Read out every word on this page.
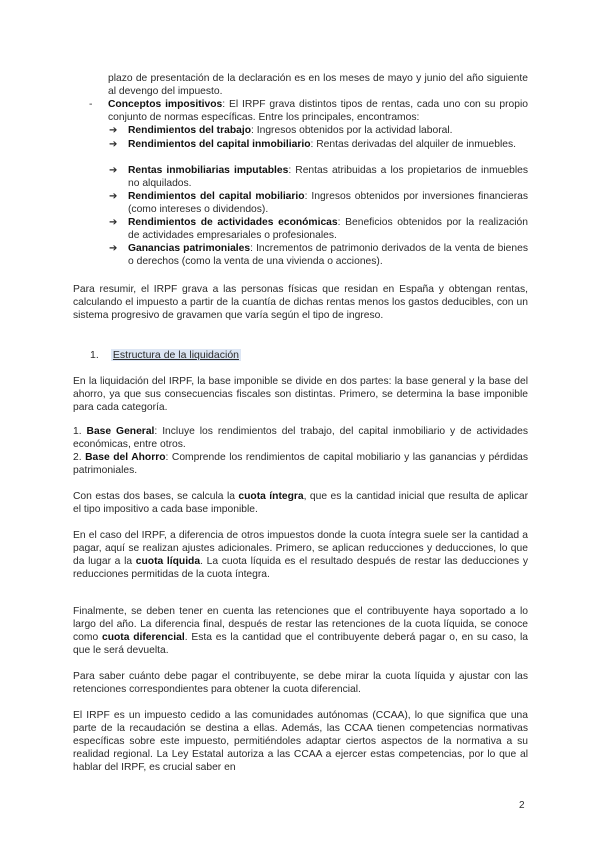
plazo de presentación de la declaración es en los meses de mayo y junio del año siguiente al devengo del impuesto.
- Conceptos impositivos: El IRPF grava distintos tipos de rentas, cada uno con su propio conjunto de normas específicas. Entre los principales, encontramos:
➔ Rendimientos del trabajo: Ingresos obtenidos por la actividad laboral.
➔ Rendimientos del capital inmobiliario: Rentas derivadas del alquiler de inmuebles.
➔ Rentas inmobiliarias imputables: Rentas atribuidas a los propietarios de inmuebles no alquilados.
➔ Rendimientos del capital mobiliario: Ingresos obtenidos por inversiones financieras (como intereses o dividendos).
➔ Rendimientos de actividades económicas: Beneficios obtenidos por la realización de actividades empresariales o profesionales.
➔ Ganancias patrimoniales: Incrementos de patrimonio derivados de la venta de bienes o derechos (como la venta de una vivienda o acciones).
Para resumir, el IRPF grava a las personas físicas que residan en España y obtengan rentas, calculando el impuesto a partir de la cuantía de dichas rentas menos los gastos deducibles, con un sistema progresivo de gravamen que varía según el tipo de ingreso.
1. Estructura de la liquidación
En la liquidación del IRPF, la base imponible se divide en dos partes: la base general y la base del ahorro, ya que sus consecuencias fiscales son distintas. Primero, se determina la base imponible para cada categoría.
1. Base General: Incluye los rendimientos del trabajo, del capital inmobiliario y de actividades económicas, entre otros.
2. Base del Ahorro: Comprende los rendimientos de capital mobiliario y las ganancias y pérdidas patrimoniales.
Con estas dos bases, se calcula la cuota íntegra, que es la cantidad inicial que resulta de aplicar el tipo impositivo a cada base imponible.
En el caso del IRPF, a diferencia de otros impuestos donde la cuota íntegra suele ser la cantidad a pagar, aquí se realizan ajustes adicionales. Primero, se aplican reducciones y deducciones, lo que da lugar a la cuota líquida. La cuota líquida es el resultado después de restar las deducciones y reducciones permitidas de la cuota íntegra.
Finalmente, se deben tener en cuenta las retenciones que el contribuyente haya soportado a lo largo del año. La diferencia final, después de restar las retenciones de la cuota líquida, se conoce como cuota diferencial. Esta es la cantidad que el contribuyente deberá pagar o, en su caso, la que le será devuelta.
Para saber cuánto debe pagar el contribuyente, se debe mirar la cuota líquida y ajustar con las retenciones correspondientes para obtener la cuota diferencial.
El IRPF es un impuesto cedido a las comunidades autónomas (CCAA), lo que significa que una parte de la recaudación se destina a ellas. Además, las CCAA tienen competencias normativas específicas sobre este impuesto, permitiéndoles adaptar ciertos aspectos de la normativa a su realidad regional. La Ley Estatal autoriza a las CCAA a ejercer estas competencias, por lo que al hablar del IRPF, es crucial saber en
2
